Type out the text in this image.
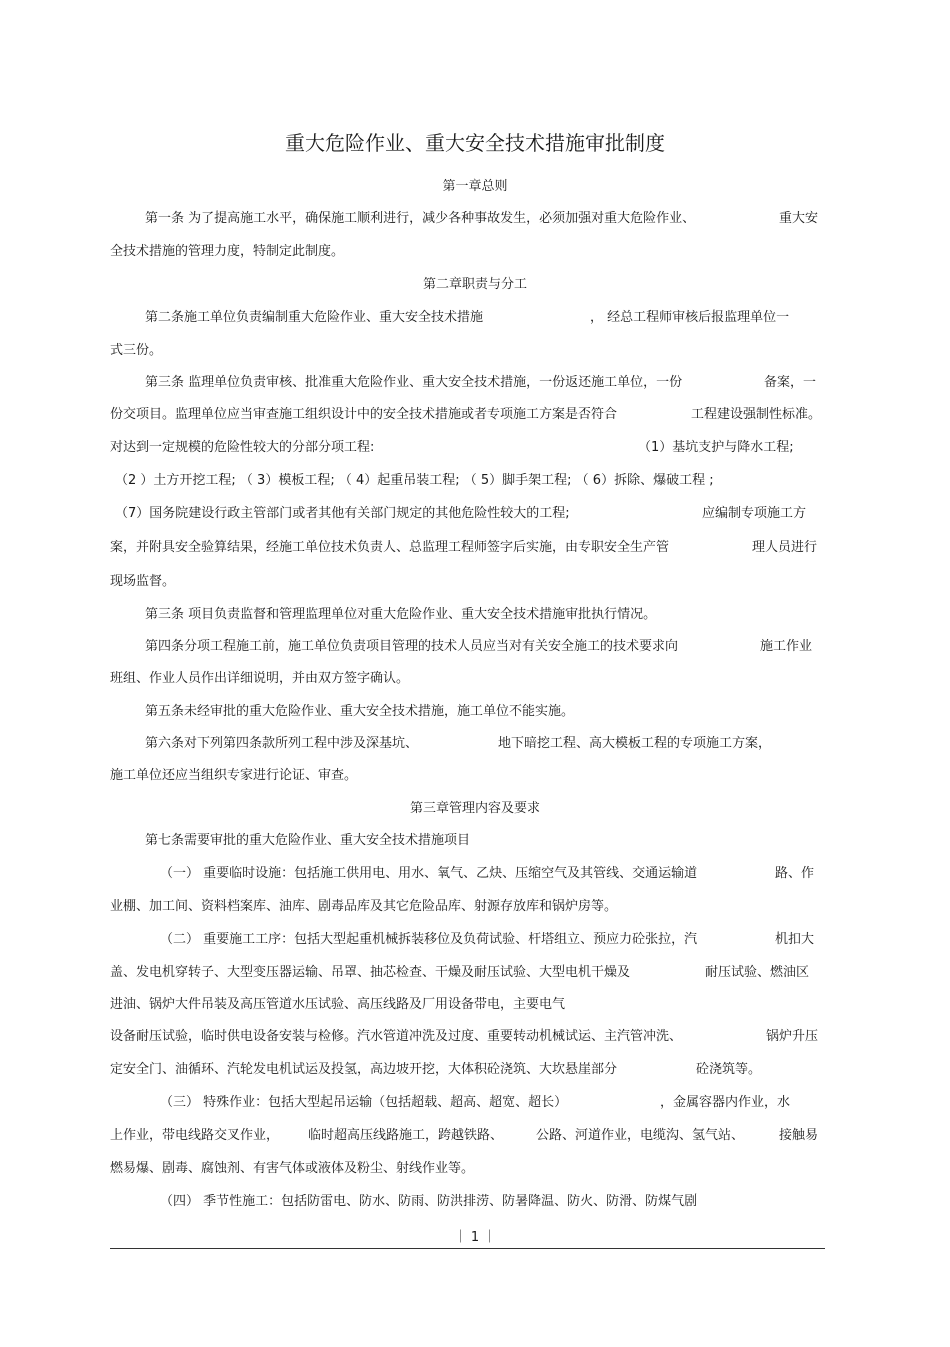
重大危险作业、重大安全技术措施审批制度
第一章总则
第一条 为了提高施工水平，确保施工顺利进行，减少各种事故发生，必须加强对重大危险作业、	重大安
全技术措施的管理力度，特制定此制度。
第二章职责与分工
第二条施工单位负责编制重大危险作业、重大安全技术措施	， 经总工程师审核后报监理单位一
式三份。
第三条 监理单位负责审核、批准重大危险作业、重大安全技术措施，一份返还施工单位，一份	备案，一
份交项目。监理单位应当审查施工组织设计中的安全技术措施或者专项施工方案是否符合	工程建设强制性标准。
对达到一定规模的危险性较大的分部分项工程:	（1）基坑支护与降水工程;
（2 ）土方开挖工程; （ 3）模板工程; （ 4）起重吊装工程; （ 5）脚手架工程; （ 6）拆除、爆破工程 ;
（7）国务院建设行政主管部门或者其他有关部门规定的其他危险性较大的工程;	应编制专项施工方
案，并附具安全验算结果，经施工单位技术负责人、总监理工程师签字后实施，由专职安全生产管	理人员进行
现场监督。
第三条 项目负责监督和管理监理单位对重大危险作业、重大安全技术措施审批执行情况。
第四条分项工程施工前，施工单位负责项目管理的技术人员应当对有关安全施工的技术要求向	施工作业
班组、作业人员作出详细说明，并由双方签字确认。
第五条未经审批的重大危险作业、重大安全技术措施，施工单位不能实施。
第六条对下列第四条款所列工程中涉及深基坑、	地下暗挖工程、高大模板工程的专项施工方案，
施工单位还应当组织专家进行论证、审查。
第三章管理内容及要求
第七条需要审批的重大危险作业、重大安全技术措施项目
（一） 重要临时设施：包括施工供用电、用水、氧气、乙炔、压缩空气及其管线、交通运输道	路、作
业棚、加工间、资料档案库、油库、剧毒品库及其它危险品库、射源存放库和锅炉房等。
（二） 重要施工工序：包括大型起重机械拆装移位及负荷试验、杆塔组立、预应力砼张拉，汽	机扣大
盖、发电机穿转子、大型变压器运输、吊罩、抽芯检查、干燥及耐压试验、大型电机干燥及	耐压试验、燃油区
进油、锅炉大件吊装及高压管道水压试验、高压线路及厂用设备带电，主要电气
设备耐压试验，临时供电设备安装与检修。汽水管道冲洗及过度、重要转动机械试运、主汽管冲洗、	锅炉升压
定安全门、油循环、汽轮发电机试运及投氢，高边坡开挖，大体积砼浇筑、大坎悬崖部分	砼浇筑等。
（三） 特殊作业：包括大型起吊运输（包括超载、超高、超宽、超长）	，金属容器内作业，水
上作业，带电线路交叉作业， 临时超高压线路施工，跨越铁路、	公路、河道作业，电缆沟、氢气站、	接触易
燃易爆、剧毒、腐蚀剂、有害气体或液体及粉尘、射线作业等。
（四） 季节性施工：包括防雷电、防水、防雨、防洪排涝、防暑降温、防火、防滑、防煤气剧
｜ 1 ｜
